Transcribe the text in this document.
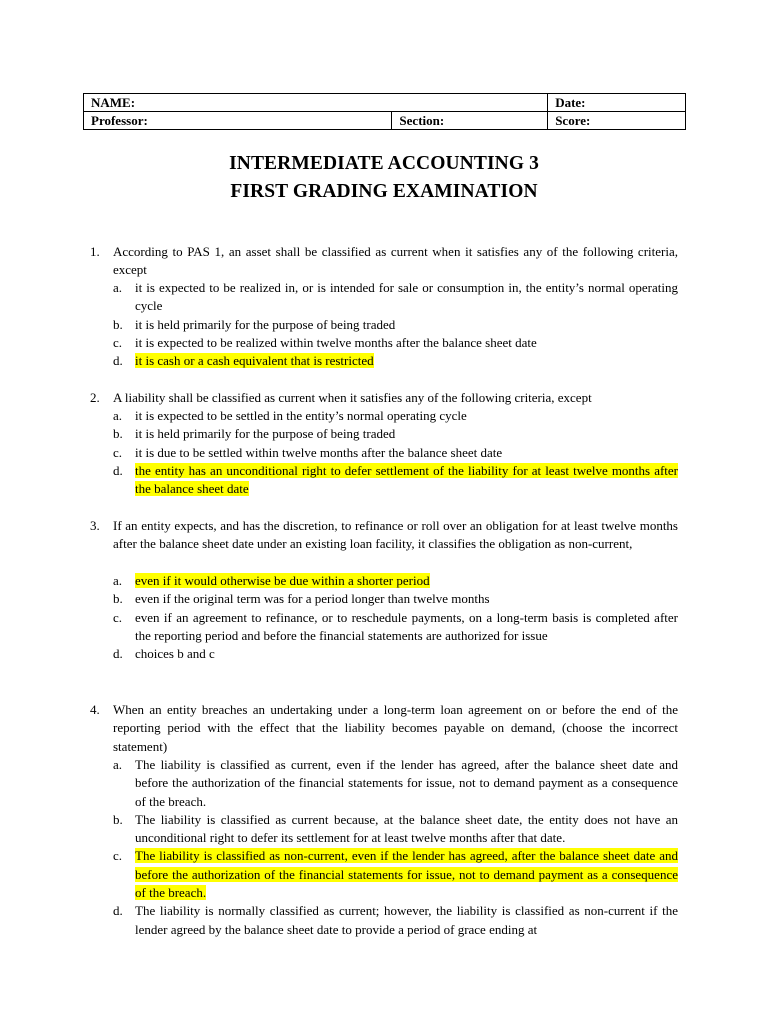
NAME:		Date:
Professor:	Section:	Score:
INTERMEDIATE ACCOUNTING 3
FIRST GRADING EXAMINATION
1. According to PAS 1, an asset shall be classified as current when it satisfies any of the following criteria, except
a. it is expected to be realized in, or is intended for sale or consumption in, the entity’s normal operating cycle
b. it is held primarily for the purpose of being traded
c. it is expected to be realized within twelve months after the balance sheet date
d. it is cash or a cash equivalent that is restricted
2. A liability shall be classified as current when it satisfies any of the following criteria, except
a. it is expected to be settled in the entity’s normal operating cycle
b. it is held primarily for the purpose of being traded
c. it is due to be settled within twelve months after the balance sheet date
d. the entity has an unconditional right to defer settlement of the liability for at least twelve months after the balance sheet date
3. If an entity expects, and has the discretion, to refinance or roll over an obligation for at least twelve months after the balance sheet date under an existing loan facility, it classifies the obligation as non-current,
a. even if it would otherwise be due within a shorter period
b. even if the original term was for a period longer than twelve months
c. even if an agreement to refinance, or to reschedule payments, on a long-term basis is completed after the reporting period and before the financial statements are authorized for issue
d. choices b and c
4. When an entity breaches an undertaking under a long-term loan agreement on or before the end of the reporting period with the effect that the liability becomes payable on demand, (choose the incorrect statement)
a. The liability is classified as current, even if the lender has agreed, after the balance sheet date and before the authorization of the financial statements for issue, not to demand payment as a consequence of the breach.
b. The liability is classified as current because, at the balance sheet date, the entity does not have an unconditional right to defer its settlement for at least twelve months after that date.
c. The liability is classified as non-current, even if the lender has agreed, after the balance sheet date and before the authorization of the financial statements for issue, not to demand payment as a consequence of the breach.
d. The liability is normally classified as current; however, the liability is classified as non-current if the lender agreed by the balance sheet date to provide a period of grace ending at
